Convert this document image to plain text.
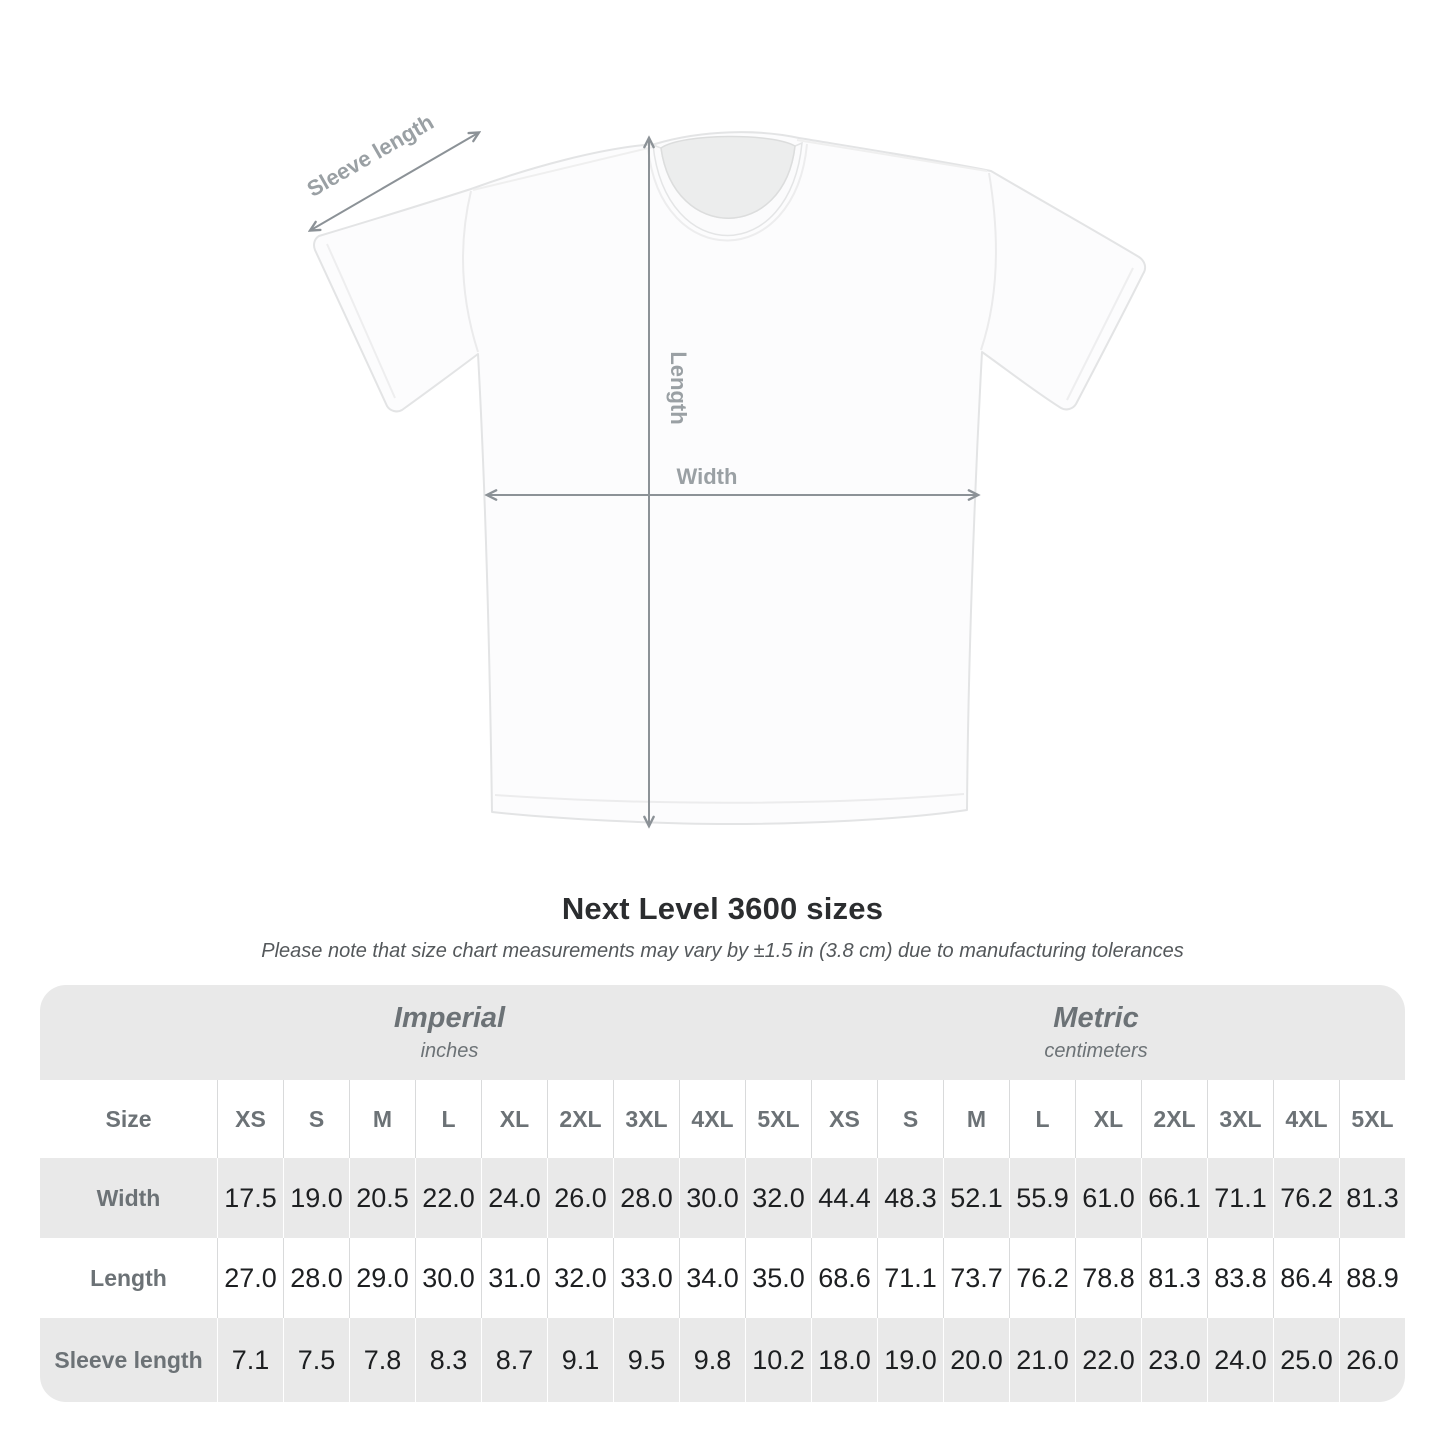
Sleeve length
Length
Width
Next Level 3600 sizes
Please note that size chart measurements may vary by ±1.5 in (3.8 cm) due to manufacturing tolerances
Imperial
inches

Metric
centimeters

Size	XS	S	M	L	XL	2XL	3XL	4XL	5XL	XS	S	M	L	XL	2XL	3XL	4XL	5XL
Width	17.5	19.0	20.5	22.0	24.0	26.0	28.0	30.0	32.0	44.4	48.3	52.1	55.9	61.0	66.1	71.1	76.2	81.3
Length	27.0	28.0	29.0	30.0	31.0	32.0	33.0	34.0	35.0	68.6	71.1	73.7	76.2	78.8	81.3	83.8	86.4	88.9
Sleeve length	7.1	7.5	7.8	8.3	8.7	9.1	9.5	9.8	10.2	18.0	19.0	20.0	21.0	22.0	23.0	24.0	25.0	26.0
